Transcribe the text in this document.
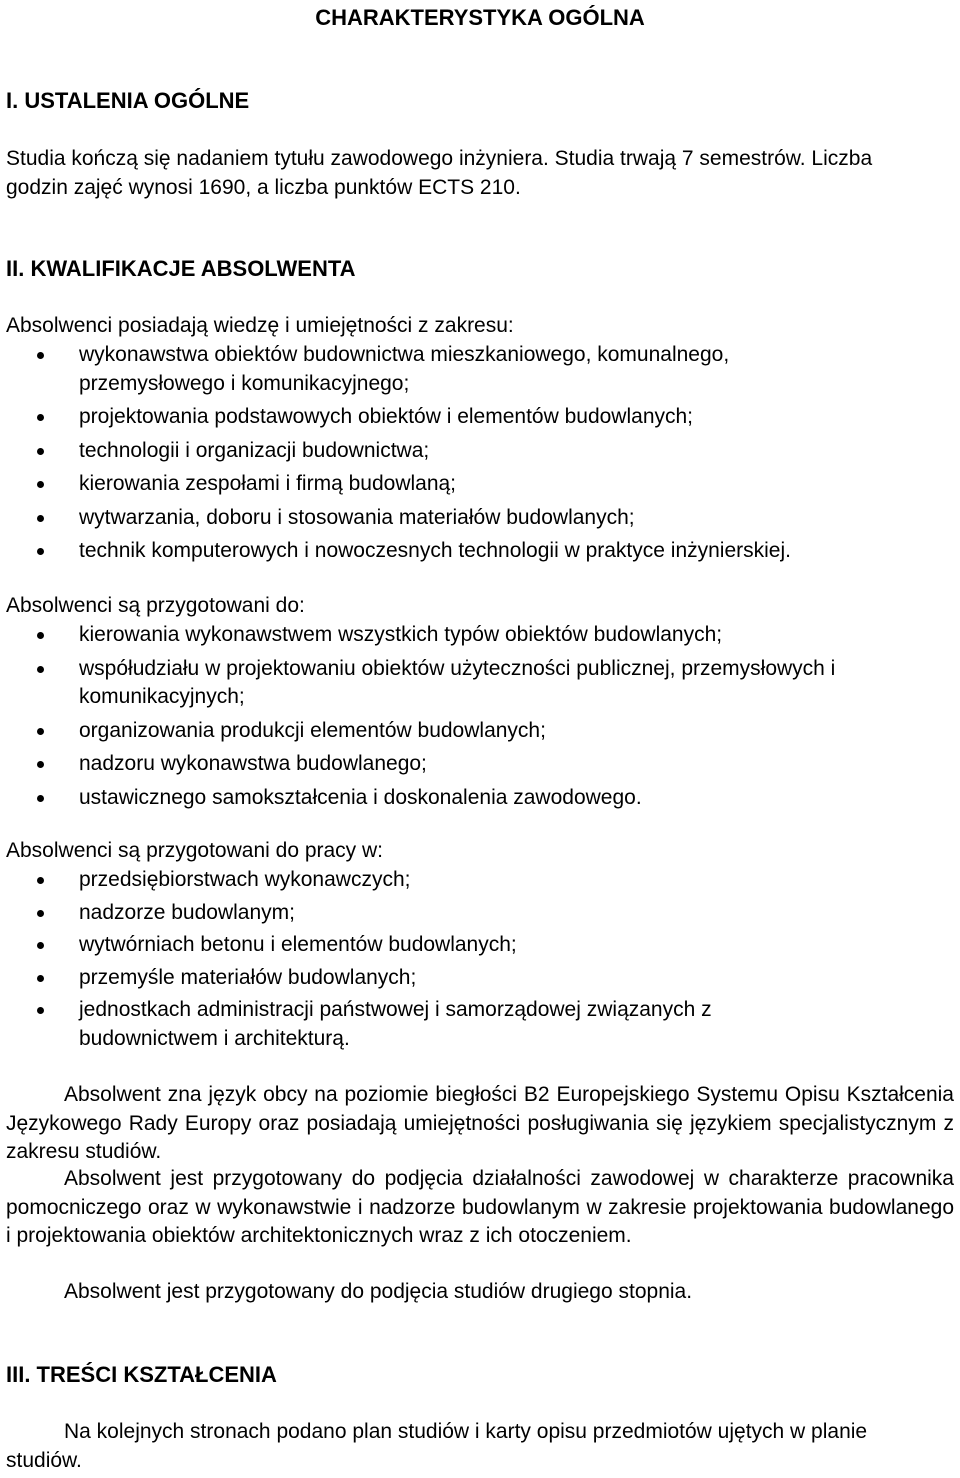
CHARAKTERYSTYKA OGÓLNA
I. USTALENIA OGÓLNE
Studia kończą się nadaniem tytułu zawodowego inżyniera. Studia trwają 7 semestrów. Liczba godzin zajęć wynosi 1690, a liczba punktów ECTS 210.
II. KWALIFIKACJE ABSOLWENTA
Absolwenci posiadają wiedzę i umiejętności z zakresu:
wykonawstwa obiektów budownictwa mieszkaniowego, komunalnego, przemysłowego i komunikacyjnego;
projektowania podstawowych obiektów i elementów budowlanych;
technologii i organizacji budownictwa;
kierowania zespołami i firmą budowlaną;
wytwarzania, doboru i stosowania materiałów budowlanych;
technik komputerowych i nowoczesnych technologii w praktyce inżynierskiej.
Absolwenci są przygotowani do:
kierowania wykonawstwem wszystkich typów obiektów budowlanych;
współudziału w projektowaniu obiektów użyteczności publicznej, przemysłowych i komunikacyjnych;
organizowania produkcji elementów budowlanych;
nadzoru wykonawstwa budowlanego;
ustawicznego samokształcenia i doskonalenia zawodowego.
Absolwenci są przygotowani do pracy w:
przedsiębiorstwach wykonawczych;
nadzorze budowlanym;
wytwórniach betonu i elementów budowlanych;
przemyśle materiałów budowlanych;
jednostkach administracji państwowej i samorządowej związanych z budownictwem i architekturą.
Absolwent zna język obcy na poziomie biegłości B2 Europejskiego Systemu Opisu Kształcenia Językowego Rady Europy oraz posiadają umiejętności posługiwania się językiem specjalistycznym z zakresu studiów.
Absolwent jest przygotowany do podjęcia działalności zawodowej w charakterze pracownika pomocniczego oraz w wykonawstwie i nadzorze budowlanym w zakresie projektowania budowlanego i projektowania obiektów architektonicznych wraz z ich otoczeniem.
Absolwent jest przygotowany do podjęcia studiów drugiego stopnia.
III. TREŚCI KSZTAŁCENIA
Na kolejnych stronach podano plan studiów i karty opisu przedmiotów ujętych w planie studiów.
